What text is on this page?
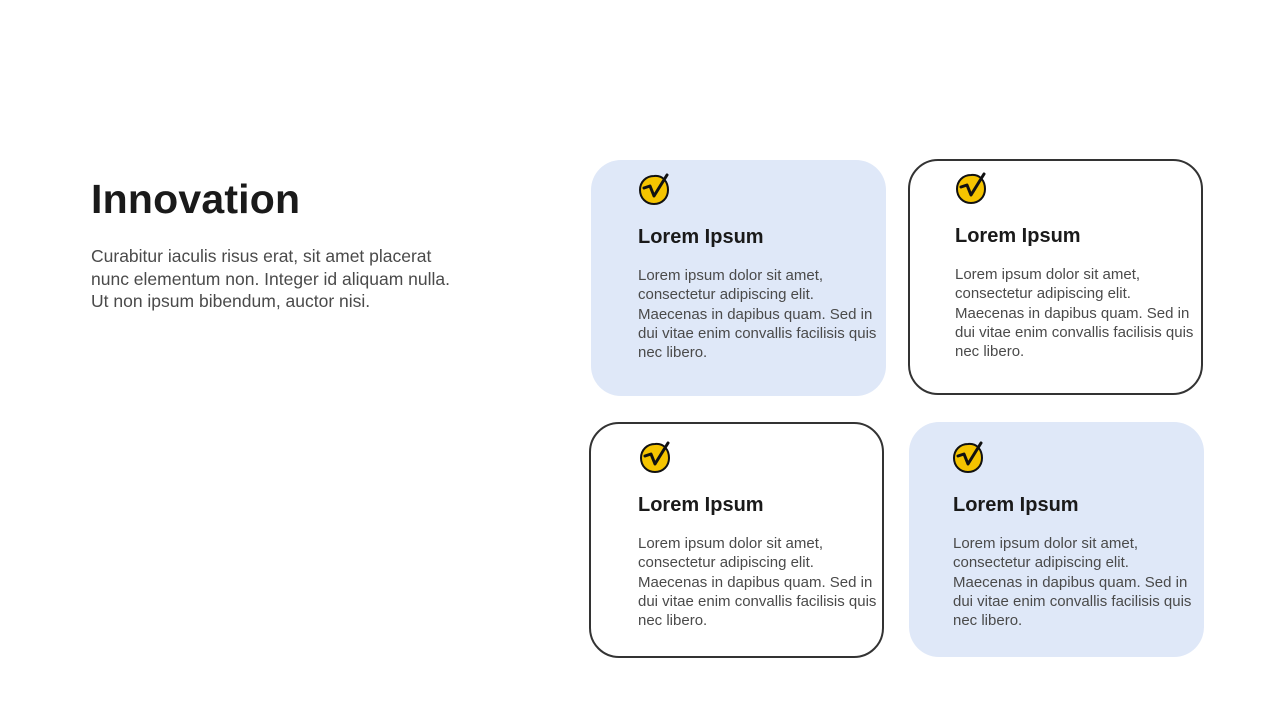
Innovation

Curabitur iaculis risus erat, sit amet placerat nunc elementum non. Integer id aliquam nulla. Ut non ipsum bibendum, auctor nisi.

Lorem Ipsum

Lorem ipsum dolor sit amet, consectetur adipiscing elit. Maecenas in dapibus quam. Sed in dui vitae enim convallis facilisis quis nec libero.

Lorem Ipsum

Lorem ipsum dolor sit amet, consectetur adipiscing elit. Maecenas in dapibus quam. Sed in dui vitae enim convallis facilisis quis nec libero.

Lorem Ipsum

Lorem ipsum dolor sit amet, consectetur adipiscing elit. Maecenas in dapibus quam. Sed in dui vitae enim convallis facilisis quis nec libero.

Lorem Ipsum

Lorem ipsum dolor sit amet, consectetur adipiscing elit. Maecenas in dapibus quam. Sed in dui vitae enim convallis facilisis quis nec libero.
